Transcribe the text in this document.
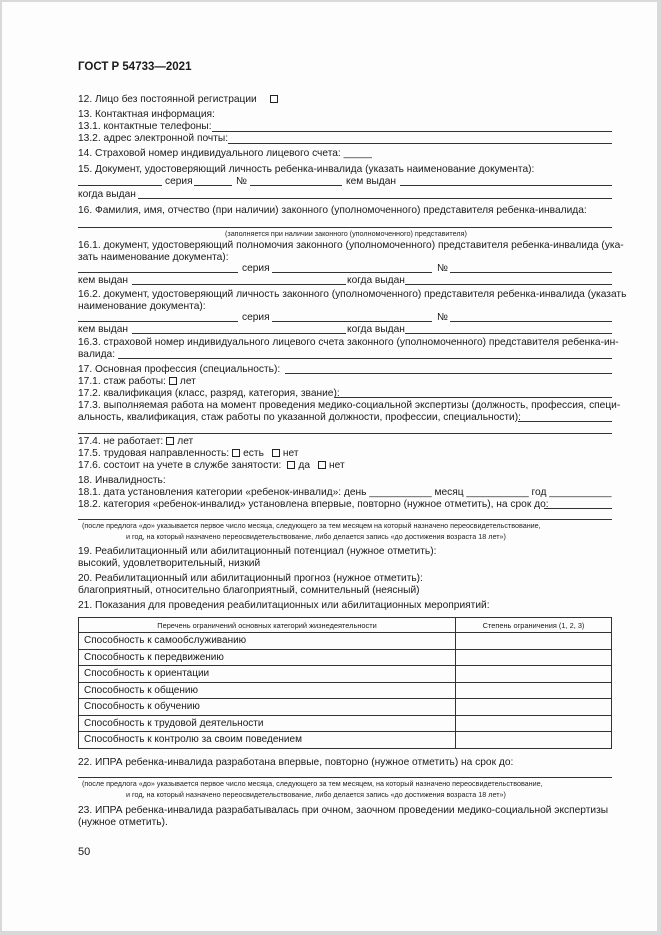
ГОСТ Р 54733—2021
12. Лицо без постоянной регистрации
13. Контактная информация:
13.1. контактные телефоны:
13.2. адрес электронной почты:
14. Страховой номер индивидуального лицевого счета: _____
15. Документ, удостоверяющий личность ребенка-инвалида (указать наименование документа):
серия	№	кем выдан
когда выдан
16. Фамилия, имя, отчество (при наличии) законного (уполномоченного) представителя ребенка-инвалида:
(заполняется при наличии законного (уполномоченного) представителя)
16.1. документ, удостоверяющий полномочия законного (уполномоченного) представителя ребенка-инвалида (ука-
зать наименование документа):
серия	№
кем выдан	когда выдан
16.2. документ, удостоверяющий личность законного (уполномоченного) представителя ребенка-инвалида (указать
наименование документа):
серия	№
кем выдан	когда выдан
16.3. страховой номер индивидуального лицевого счета законного (уполномоченного) представителя ребенка-ин-
валида:
17. Основная профессия (специальность):
17.1. стаж работы: лет
17.2. квалификация (класс, разряд, категория, звание):
17.3. выполняемая работа на момент проведения медико-социальной экспертизы (должность, профессия, специ-
альность, квалификация, стаж работы по указанной должности, профессии, специальности):
17.4. не работает: лет
17.5. трудовая направленность: есть нет
17.6. состоит на учете в службе занятости: да нет
18. Инвалидность:
18.1. дата установления категории «ребенок-инвалид»: день ___________ месяц ___________ год ___________
18.2. категория «ребенок-инвалид» установлена впервые, повторно (нужное отметить), на срок до:
(после предлога «до» указывается первое число месяца, следующего за тем месяцем на который назначено переосвидетельствование,
и год, на который назначено переосвидетельствование, либо делается запись «до достижения возраста 18 лет»)
19. Реабилитационный или абилитационный потенциал (нужное отметить):
высокий, удовлетворительный, низкий
20. Реабилитационный или абилитационный прогноз (нужное отметить):
благоприятный, относительно благоприятный, сомнительный (неясный)
21. Показания для проведения реабилитационных или абилитационных мероприятий:
Перечень ограничений основных категорий жизнедеятельности	Степень ограничения (1, 2, 3)
Способность к самообслуживанию	
Способность к передвижению	
Способность к ориентации	
Способность к общению	
Способность к обучению	
Способность к трудовой деятельности	
Способность к контролю за своим поведением	
22. ИПРА ребенка-инвалида разработана впервые, повторно (нужное отметить) на срок до:
(после предлога «до» указывается первое число месяца, следующего за тем месяцем, на который назначено переосвидетельствование,
и год, на который назначено переосвидетельствование, либо делается запись «до достижения возраста 18 лет»)
23. ИПРА ребенка-инвалида разрабатывалась при очном, заочном проведении медико-социальной экспертизы
(нужное отметить).
50
